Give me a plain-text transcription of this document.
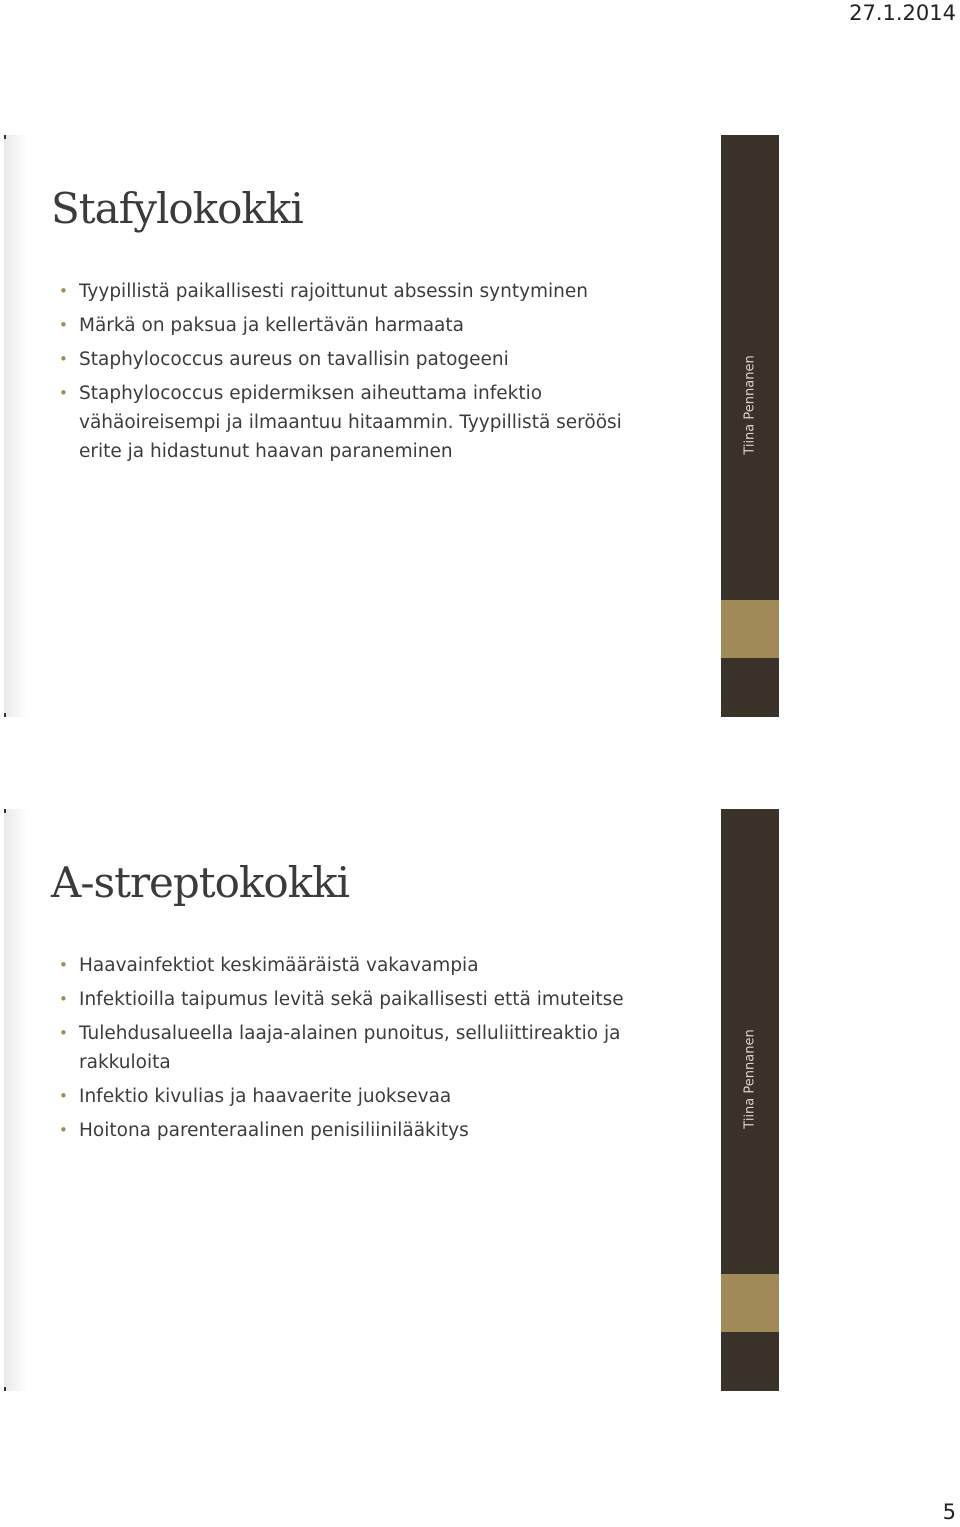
27.1.2014
Stafylokokki
• Tyypillistä paikallisesti rajoittunut absessin syntyminen
• Märkä on paksua ja kellertävän harmaata
• Staphylococcus aureus on tavallisin patogeeni
• Staphylococcus epidermiksen aiheuttama infektio vähäoireisempi ja ilmaantuu hitaammin. Tyypillistä seröösi erite ja hidastunut haavan paraneminen	Tiina Pennanen
A-streptokokki
• Haavainfektiot keskimääräistä vakavampia
• Infektioilla taipumus levitä sekä paikallisesti että imuteitse
• Tulehdusalueella laaja-alainen punoitus, selluliittireaktio ja rakkuloita
• Infektio kivulias ja haavaerite juoksevaa
• Hoitona parenteraalinen penisiliinilääkitys
Tiina Pennanen
5
